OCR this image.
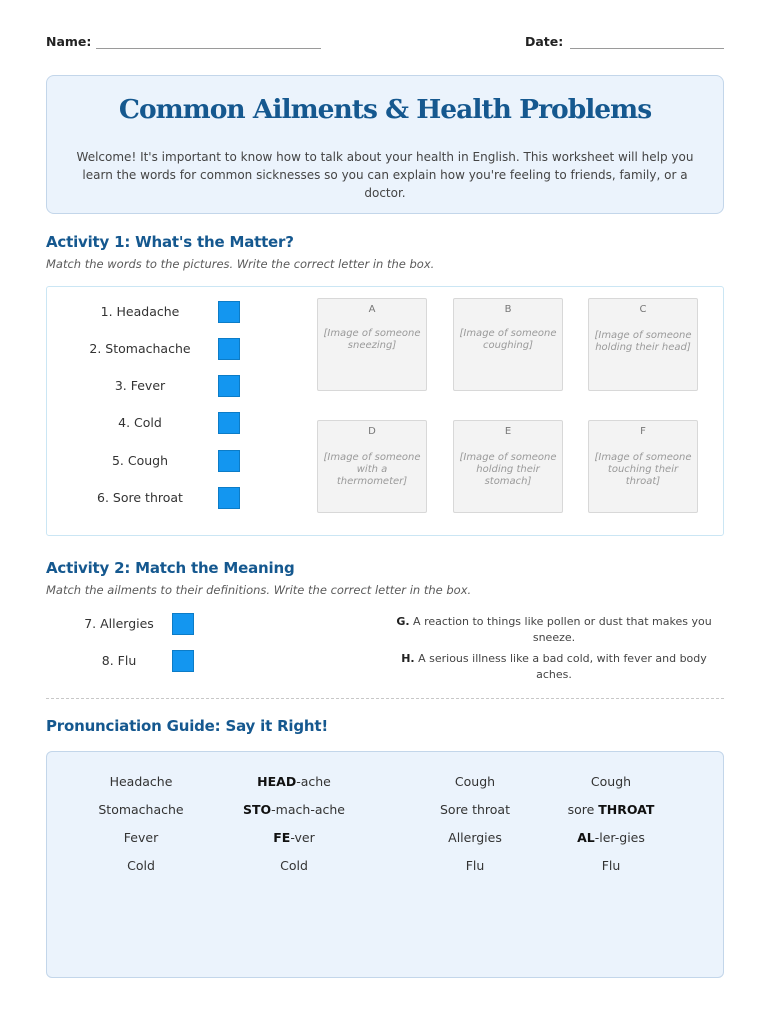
Name:	Date:
Common Ailments & Health Problems
Welcome! It's important to know how to talk about your health in English. This worksheet will help you learn the words for common sicknesses so you can explain how you're feeling to friends, family, or a doctor.
Activity 1: What's the Matter?
Match the words to the pictures. Write the correct letter in the box.
1. Headache
2. Stomachache
3. Fever
4. Cold
5. Cough
6. Sore throat
A
[Image of someone sneezing]
B
[Image of someone coughing]
C
[Image of someone holding their head]
D
[Image of someone with a thermometer]
E
[Image of someone holding their stomach]
F
[Image of someone touching their throat]
Activity 2: Match the Meaning
Match the ailments to their definitions. Write the correct letter in the box.
7. Allergies
8. Flu
G. A reaction to things like pollen or dust that makes you sneeze.
H. A serious illness like a bad cold, with fever and body aches.
Pronunciation Guide: Say it Right!
Headache	HEAD-ache	Cough	Cough
Stomachache	STO-mach-ache	Sore throat	sore THROAT
Fever	FE-ver	Allergies	AL-ler-gies
Cold	Cold	Flu	Flu
